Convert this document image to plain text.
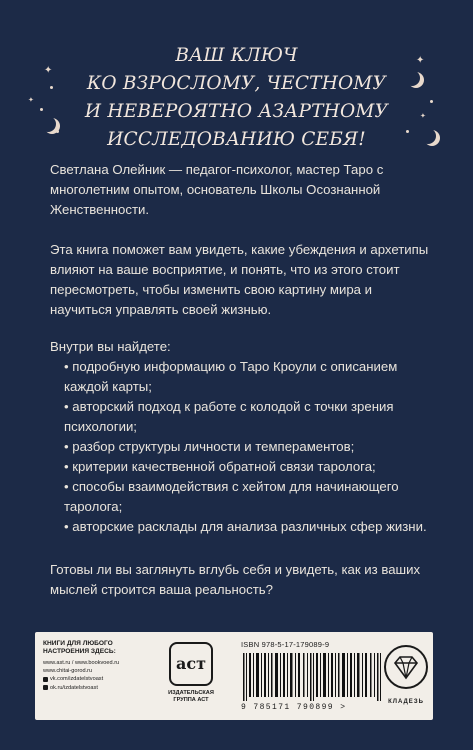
✦
✦
✦
✦
ВАШ КЛЮЧ
КО ВЗРОСЛОМУ, ЧЕСТНОМУ
И НЕВЕРОЯТНО АЗАРТНОМУ
ИССЛЕДОВАНИЮ СЕБЯ!

Светлана Олейник — педагог-психолог, мастер Таро с многолетним опытом, основатель Школы Осознанной Женственности.

Эта книга поможет вам увидеть, какие убеждения и архетипы влияют на ваше восприятие, и понять, что из этого стоит пересмотреть, чтобы изменить свою картину мира и научиться управлять своей жизнью.

Внутри вы найдете:

• подробную информацию о Таро Кроули с описанием каждой карты;
• авторский подход к работе с колодой с точки зрения психологии;
• разбор структуры личности и темпераментов;
• критерии качественной обратной связи таролога;
• способы взаимодействия с хейтом для начинающего таролога;
• авторские расклады для анализа различных сфер жизни.

Готовы ли вы заглянуть вглубь себя и увидеть, как из ваших мыслей строится ваша реальность?

КНИГИ ДЛЯ ЛЮБОГО НАСТРОЕНИЯ ЗДЕСЬ:
www.ast.ru / www.bookvoed.ru
www.chitai-gorod.ru
vk.com/izdatelstvoast
ok.ru/izdatelstvoast
аст
ИЗДАТЕЛЬСКАЯ ГРУППА АСТ
ISBN 978-5-17-179089-9
9 785171 790899 >
КЛАДЕЗЬ
